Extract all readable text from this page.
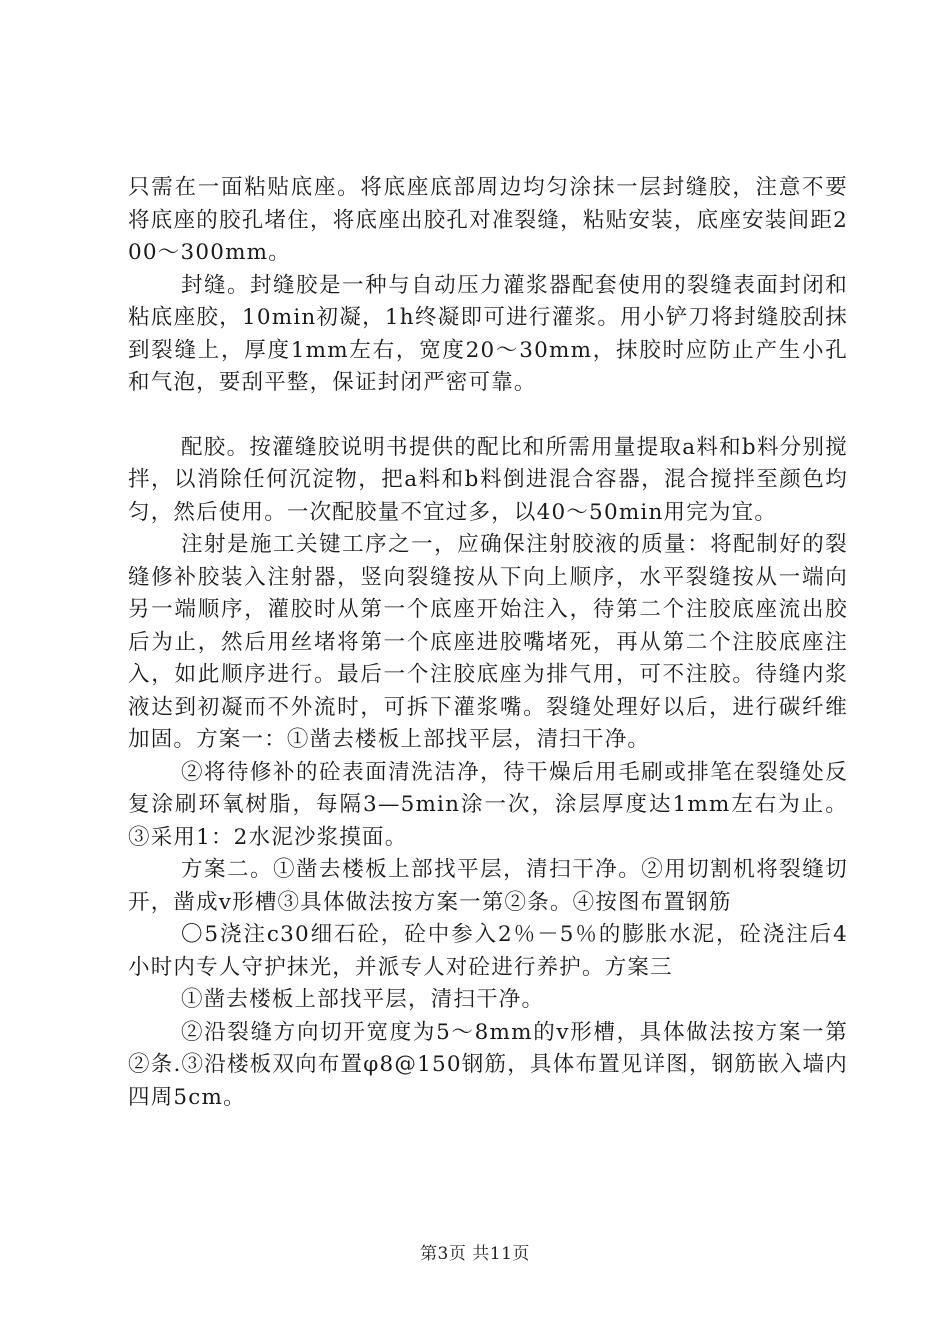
只需在一面粘贴底座。将底座底部周边均匀涂抹一层封缝胶，注意不要将底座的胶孔堵住，将底座出胶孔对准裂缝，粘贴安装，底座安装间距200～300mm。

封缝。封缝胶是一种与自动压力灌浆器配套使用的裂缝表面封闭和粘底座胶，10min初凝，1h终凝即可进行灌浆。用小铲刀将封缝胶刮抹到裂缝上，厚度1mm左右，宽度20～30mm，抹胶时应防止产生小孔和气泡，要刮平整，保证封闭严密可靠。

配胶。按灌缝胶说明书提供的配比和所需用量提取a料和b料分别搅拌，以消除任何沉淀物，把a料和b料倒进混合容器，混合搅拌至颜色均匀，然后使用。一次配胶量不宜过多，以40～50min用完为宜。

注射是施工关键工序之一，应确保注射胶液的质量：将配制好的裂缝修补胶装入注射器，竖向裂缝按从下向上顺序，水平裂缝按从一端向另一端顺序，灌胶时从第一个底座开始注入，待第二个注胶底座流出胶后为止，然后用丝堵将第一个底座进胶嘴堵死，再从第二个注胶底座注入，如此顺序进行。最后一个注胶底座为排气用，可不注胶。待缝内浆液达到初凝而不外流时，可拆下灌浆嘴。裂缝处理好以后，进行碳纤维加固。方案一：①凿去楼板上部找平层，清扫干净。

②将待修补的砼表面清洗洁净，待干燥后用毛刷或排笔在裂缝处反复涂刷环氧树脂，每隔3—5min涂一次，涂层厚度达1mm左右为止。③采用1：2水泥沙浆摸面。

方案二。①凿去楼板上部找平层，清扫干净。②用切割机将裂缝切开，凿成v形槽③具体做法按方案一第②条。④按图布置钢筋

〇5浇注c30细石砼，砼中参入2％－5％的膨胀水泥，砼浇注后4小时内专人守护抹光，并派专人对砼进行养护。方案三

①凿去楼板上部找平层，清扫干净。

②沿裂缝方向切开宽度为5～8mm的v形槽，具体做法按方案一第②条.③沿楼板双向布置φ8@150钢筋，具体布置见详图，钢筋嵌入墙内四周5cm。

第3页 共11页
